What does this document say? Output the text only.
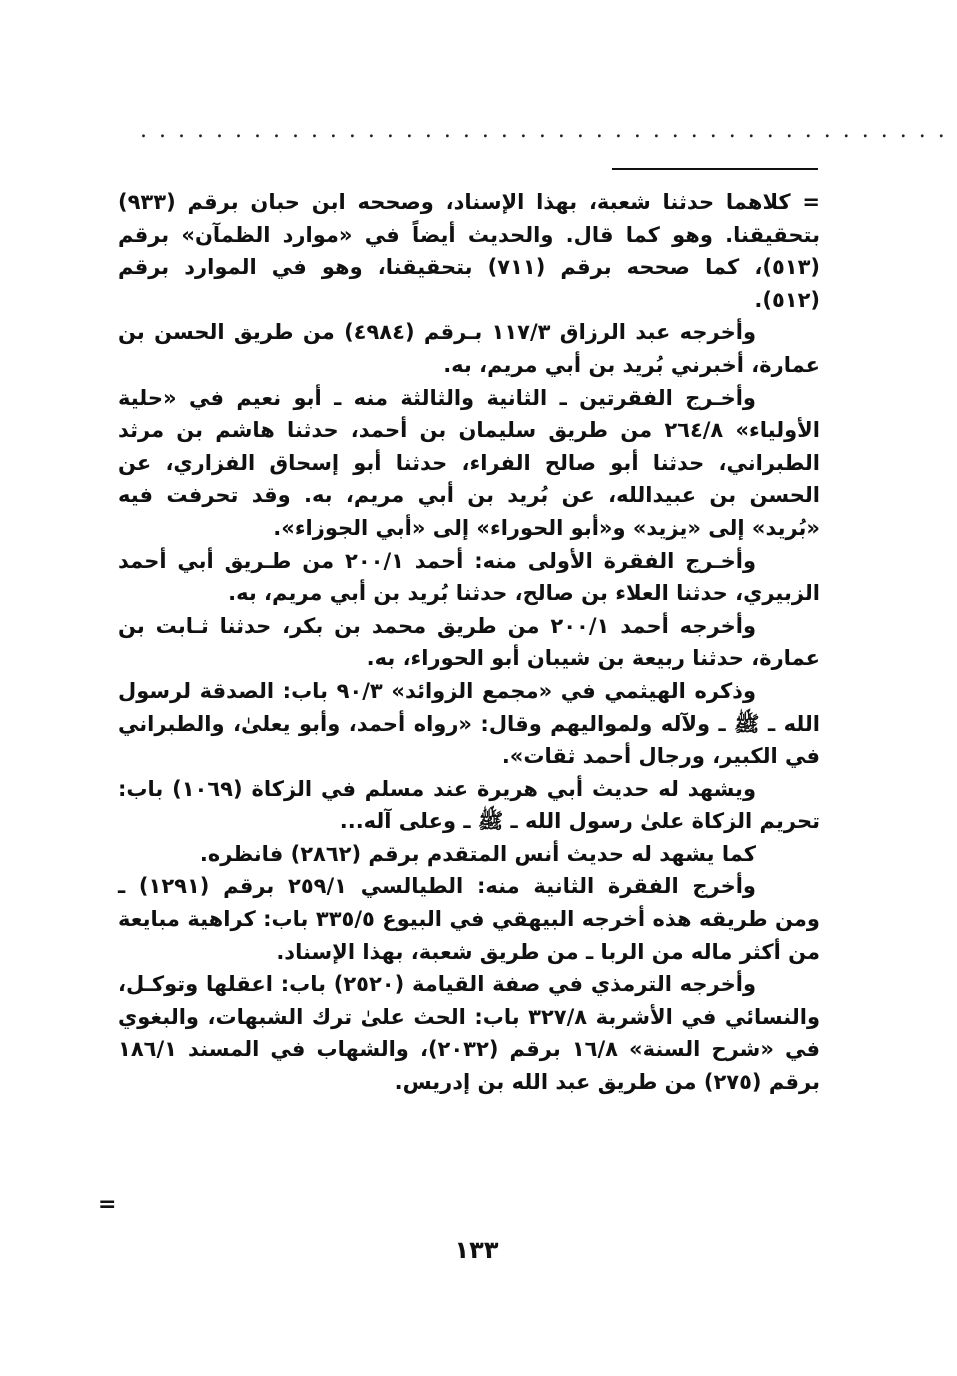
...........................................

= كلاهما حدثنا شعبة، بهذا الإسناد، وصححه ابن حبان برقم (٩٣٣) بتحقيقنا. وهو كما قال. والحديث أيضاً في «موارد الظمآن» برقم (٥١٣)، كما صححه برقم (٧١١) بتحقيقنا، وهو في الموارد برقم (٥١٢).

وأخرجه عبد الرزاق ١١٧/٣ بـرقم (٤٩٨٤) من طريق الحسن بن عمارة، أخبرني بُريد بن أبي مريم، به.

وأخـرج الفقرتين ـ الثانية والثالثة منه ـ أبو نعيم في «حلية الأولياء» ٢٦٤/٨ من طريق سليمان بن أحمد، حدثنا هاشم بن مرثد الطبراني، حدثنا أبو صالح الفراء، حدثنا أبو إسحاق الفزاري، عن الحسن بن عبيدالله، عن بُريد بن أبي مريم، به. وقد تحرفت فيه «بُريد» إلى «يزيد» و«أبو الحوراء» إلى «أبي الجوزاء».

وأخـرج الفقرة الأولى منه: أحمد ٢٠٠/١ من طـريق أبي أحمد الزبيري، حدثنا العلاء بن صالح، حدثنا بُريد بن أبي مريم، به.

وأخرجه أحمد ٢٠٠/١ من طريق محمد بن بكر، حدثنا ثـابت بن عمارة، حدثنا ربيعة بن شيبان أبو الحوراء، به.

وذكره الهيثمي في «مجمع الزوائد» ٩٠/٣ باب: الصدقة لرسول الله ـ ﷺ ـ ولآله ولمواليهم وقال: «رواه أحمد، وأبو يعلىٰ، والطبراني في الكبير، ورجال أحمد ثقات».

ويشهد له حديث أبي هريرة عند مسلم في الزكاة (١٠٦٩) باب: تحريم الزكاة علىٰ رسول الله ـ ﷺ ـ وعلى آله...

كما يشهد له حديث أنس المتقدم برقم (٢٨٦٢) فانظره.

وأخرج الفقرة الثانية منه: الطيالسي ٢٥٩/١ برقم (١٢٩١) ـ ومن طريقه هذه أخرجه البيهقي في البيوع ٣٣٥/٥ باب: كراهية مبايعة من أكثر ماله من الربا ـ من طريق شعبة، بهذا الإسناد.

وأخرجه الترمذي في صفة القيامة (٢٥٢٠) باب: اعقلها وتوكـل، والنسائي في الأشربة ٣٢٧/٨ باب: الحث علىٰ ترك الشبهات، والبغوي في «شرح السنة» ١٦/٨ برقم (٢٠٣٢)، والشهاب في المسند ١٨٦/١ برقم (٢٧٥) من طريق عبد الله بن إدريس.

=
١٣٣
